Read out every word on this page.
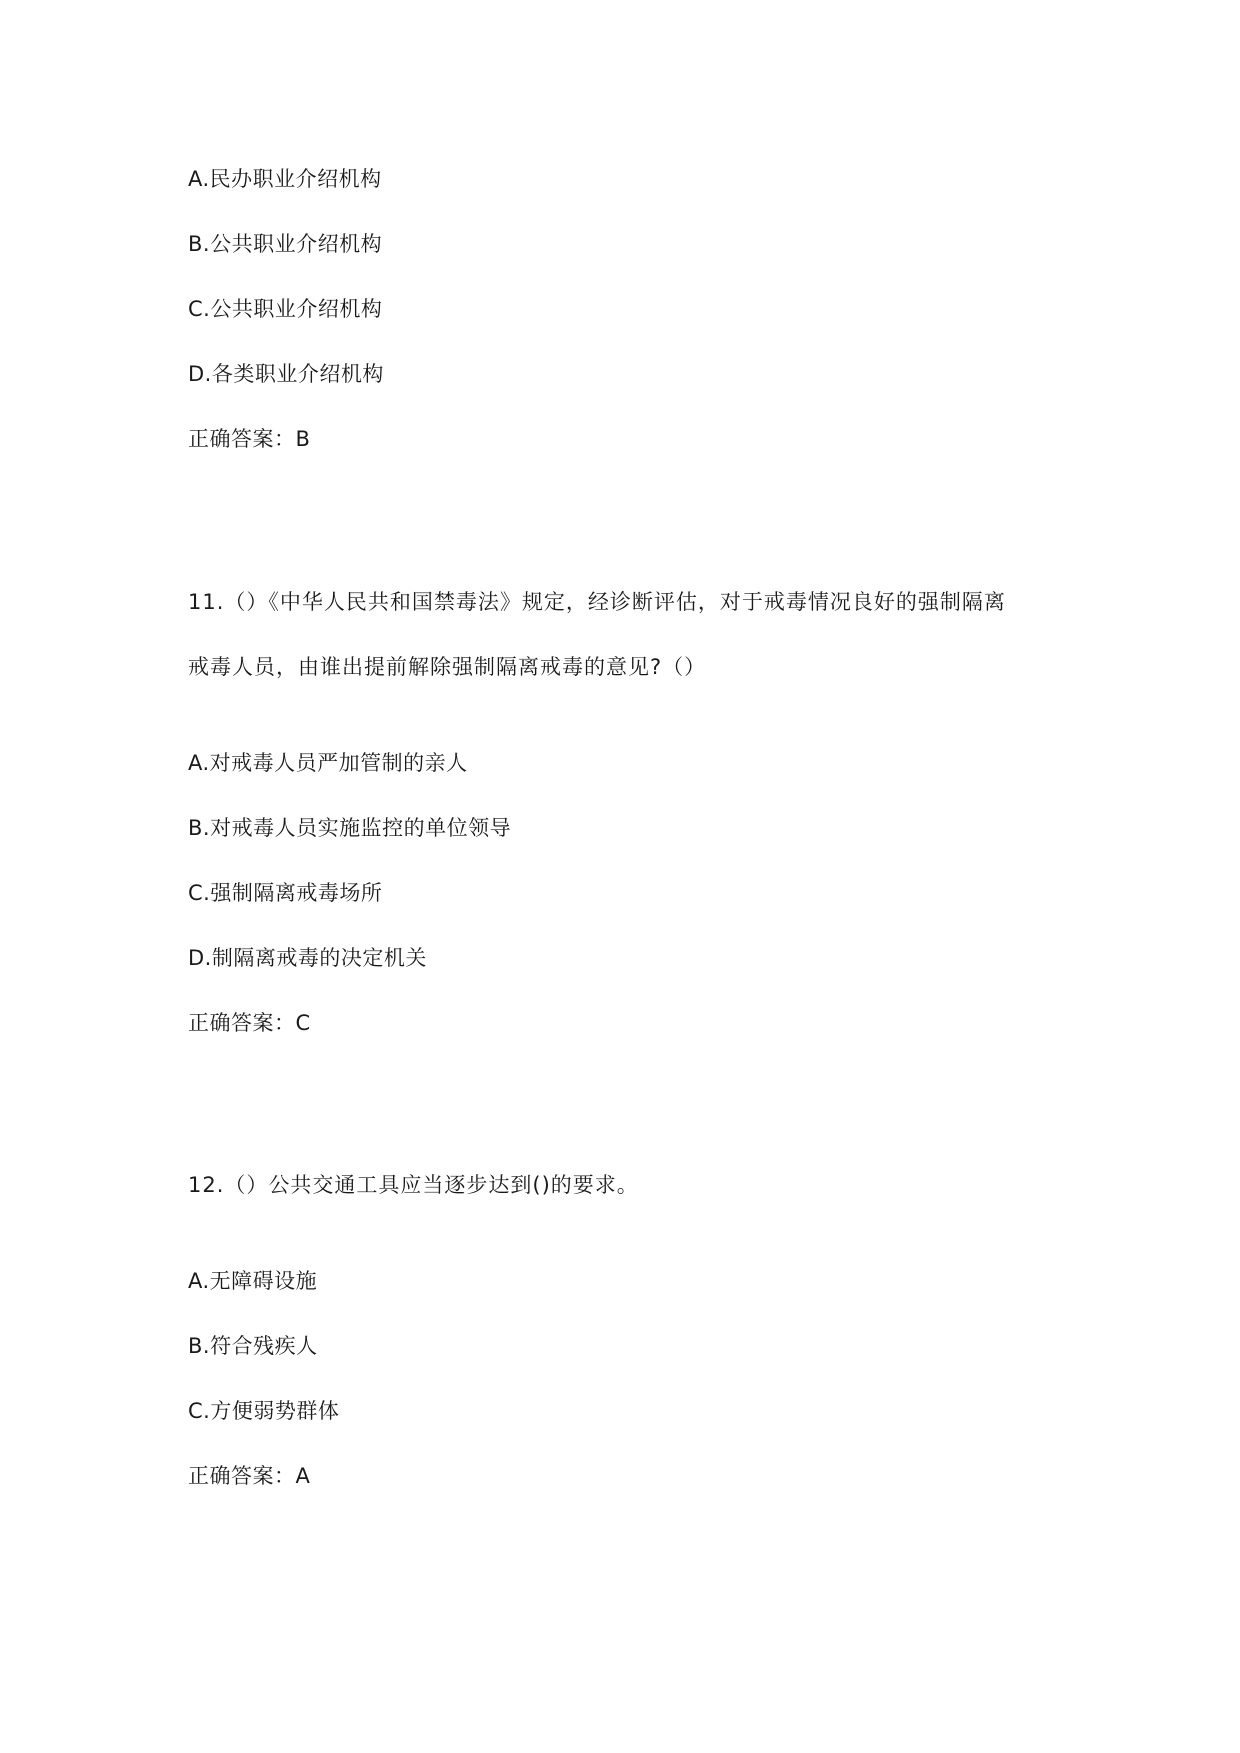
A.民办职业介绍机构

B.公共职业介绍机构

C.公共职业介绍机构

D.各类职业介绍机构

正确答案：B

11.（）《中华人民共和国禁毒法》规定，经诊断评估，对于戒毒情况良好的强制隔离

戒毒人员，由谁出提前解除强制隔离戒毒的意见?（）

A.对戒毒人员严加管制的亲人

B.对戒毒人员实施监控的单位领导

C.强制隔离戒毒场所

D.制隔离戒毒的决定机关

正确答案：C

12.（）公共交通工具应当逐步达到()的要求。

A.无障碍设施

B.符合残疾人

C.方便弱势群体

正确答案：A
